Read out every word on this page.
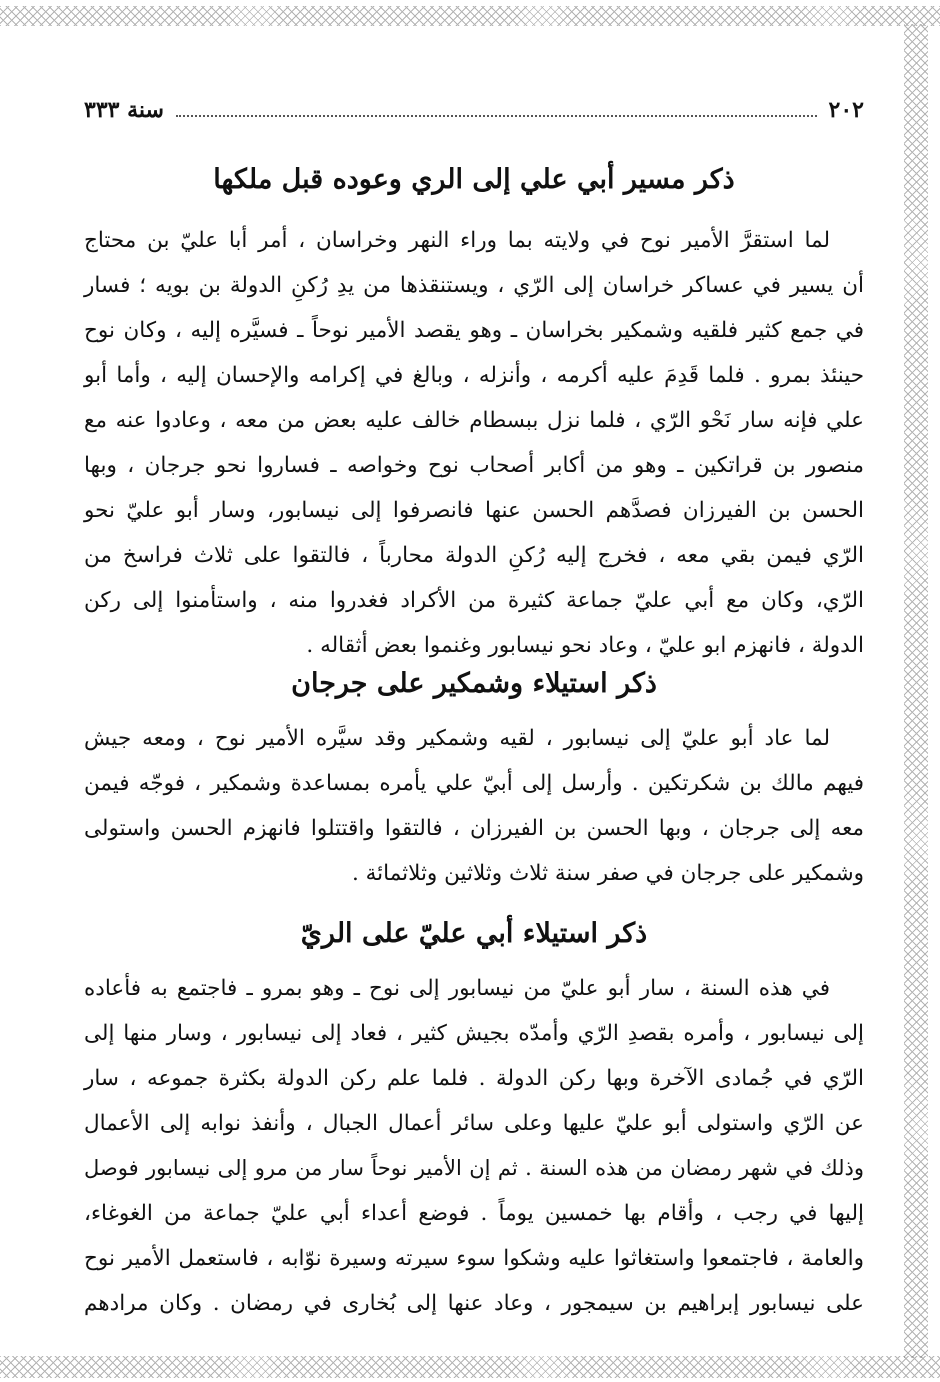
٢٠٢
سنة ٣٣٣
ذكر مسير أبي علي إلى الري وعوده قبل ملكها
لما استقرَّ الأمير نوح في ولايته بما وراء النهر وخراسان ، أمر أبا عليّ بن محتاج
أن يسير في عساكر خراسان إلى الرّي ، ويستنقذها من يدِ رُكنِ الدولة بن بويه ؛ فسار
في جمع كثير فلقيه وشمكير بخراسان ـ وهو يقصد الأمير نوحاً ـ فسيَّره إليه ، وكان نوح
حينئذ بمرو . فلما قَدِمَ عليه أكرمه ، وأنزله ، وبالغ في إكرامه والإحسان إليه ، وأما أبو
علي فإنه سار نَحْو الرّي ، فلما نزل ببسطام خالف عليه بعض من معه ، وعادوا عنه مع
منصور بن قراتكين ـ وهو من أكابر أصحاب نوح وخواصه ـ فساروا نحو جرجان ، وبها
الحسن بن الفيرزان فصدَّهم الحسن عنها فانصرفوا إلى نيسابور، وسار أبو عليّ نحو
الرّي فيمن بقي معه ، فخرج إليه رُكنِ الدولة محارباً ، فالتقوا على ثلاث فراسخ من
الرّي، وكان مع أبي عليّ جماعة كثيرة من الأكراد فغدروا منه ، واستأمنوا إلى ركن
الدولة ، فانهزم ابو عليّ ، وعاد نحو نيسابور وغنموا بعض أثقاله .
ذكر استيلاء وشمكير على جرجان
لما عاد أبو عليّ إلى نيسابور ، لقيه وشمكير وقد سيَّره الأمير نوح ، ومعه جيش
فيهم مالك بن شكرتكين . وأرسل إلى أبيّ علي يأمره بمساعدة وشمكير ، فوجّه فيمن
معه إلى جرجان ، وبها الحسن بن الفيرزان ، فالتقوا واقتتلوا فانهزم الحسن واستولى
وشمكير على جرجان في صفر سنة ثلاث وثلاثين وثلاثمائة .
ذكر استيلاء أبي عليّ على الريّ
في هذه السنة ، سار أبو عليّ من نيسابور إلى نوح ـ وهو بمرو ـ فاجتمع به فأعاده
إلى نيسابور ، وأمره بقصدِ الرّي وأمدّه بجيش كثير ، فعاد إلى نيسابور ، وسار منها إلى
الرّي في جُمادى الآخرة وبها ركن الدولة . فلما علم ركن الدولة بكثرة جموعه ، سار
عن الرّي واستولى أبو عليّ عليها وعلى سائر أعمال الجبال ، وأنفذ نوابه إلى الأعمال
وذلك في شهر رمضان من هذه السنة . ثم إن الأمير نوحاً سار من مرو إلى نيسابور فوصل
إليها في رجب ، وأقام بها خمسين يوماً . فوضع أعداء أبي عليّ جماعة من الغوغاء،
والعامة ، فاجتمعوا واستغاثوا عليه وشكوا سوء سيرته وسيرة نوّابه ، فاستعمل الأمير نوح
على نيسابور إبراهيم بن سيمجور ، وعاد عنها إلى بُخارى في رمضان . وكان مرادهم
